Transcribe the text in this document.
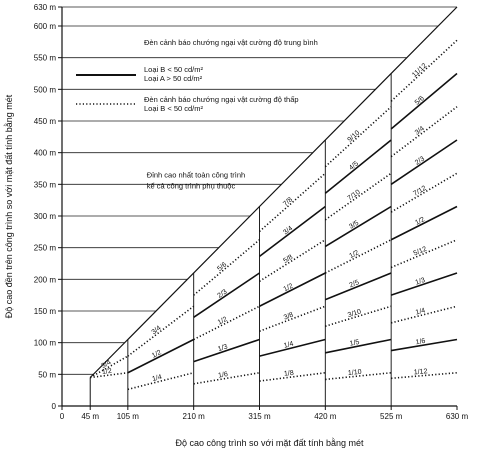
0 45 m 105 m	210 m	315 m	420 m	525 m	630 m
0
50 m
100 m
150 m
200 m
250 m
300 m
350 m
400 m
450 m
500 m
550 m
600 m
630 m
1/2
3/4
1/2
1/4
3/4
1/6
1/3
1/2
2/3
5/6
1/8
1/4
3/8
1/2
5/8
3/4
7/8
1/10
1/5
3/10
2/5
1/2
3/5
7/10
4/5
9/10
1/12
1/6
1/4
1/3
5/12
1/2
7/12
2/3
3/4
5/6
11/12
Đèn cảnh báo chướng ngại vật cường độ trung bình
Loại B < 50 cd/m²
Loại A > 50 cd/m²
Đèn cảnh báo chướng ngại vật cường độ thấp
Loại B < 50 cd/m²
Đỉnh cao nhất toàn công trình
kể cả công trình phụ thuộc
Độ cao công trình so với mặt đất tính bằng mét
Độ cao đền trên công trình so với mặt đất tính bằng mét
